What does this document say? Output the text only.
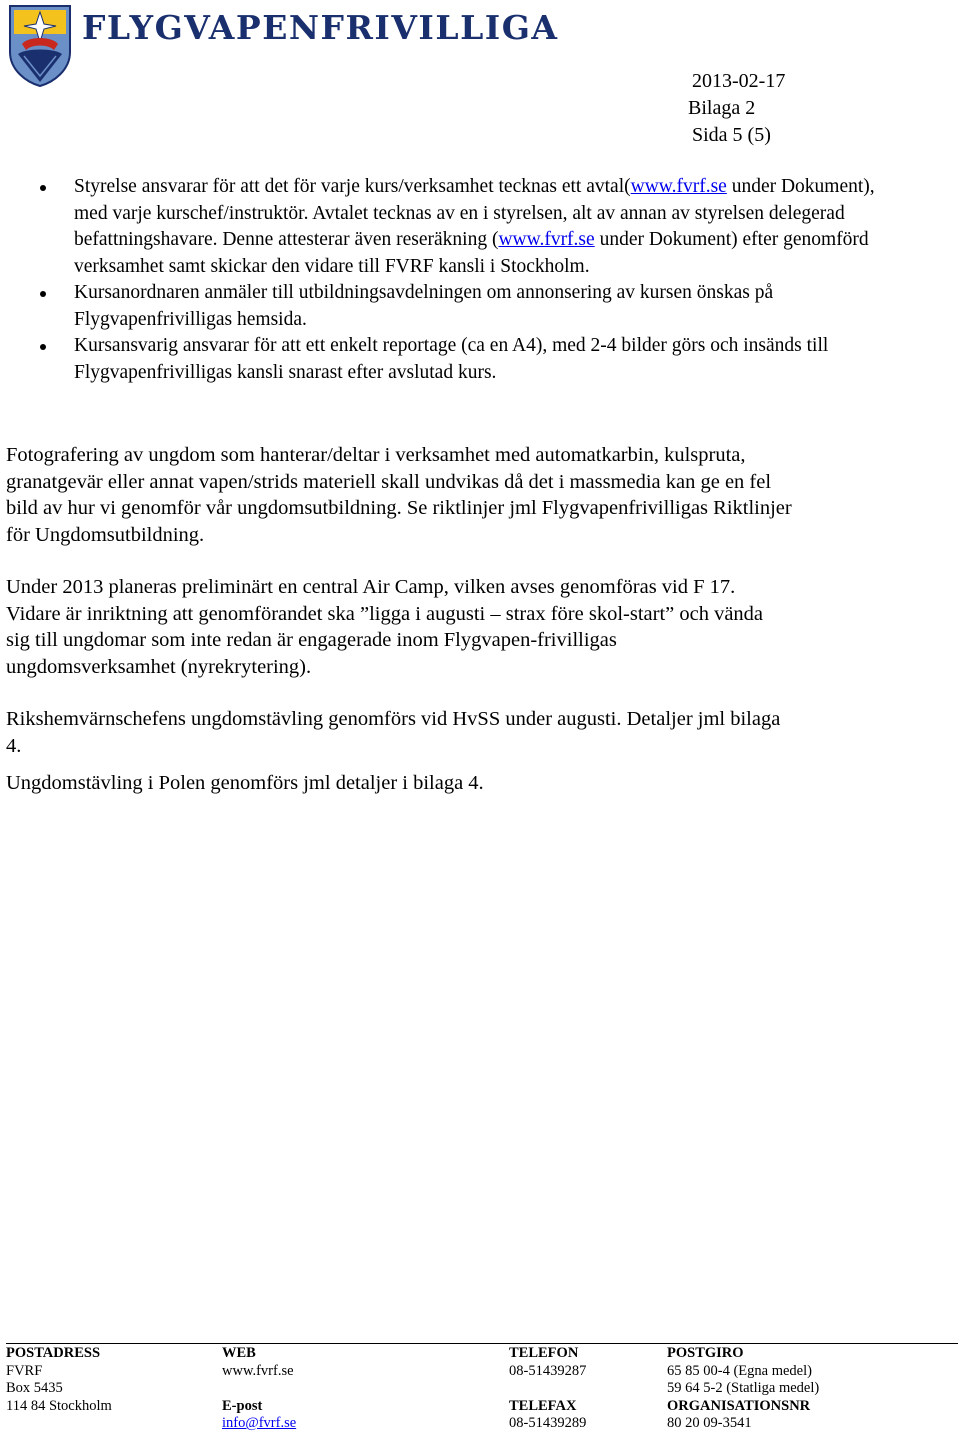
FLYGVAPENFRIVILLIGA
2013-02-17
Bilaga 2
Sida 5 (5)
Styrelse ansvarar för att det för varje kurs/verksamhet tecknas ett avtal(www.fvrf.se under Dokument), med varje kurschef/instruktör. Avtalet tecknas av en i styrelsen, alt av annan av styrelsen delegerad befattningshavare. Denne attesterar även reseräkning (www.fvrf.se under Dokument) efter genomförd verksamhet samt skickar den vidare till FVRF kansli i Stockholm.
Kursanordnaren anmäler till utbildningsavdelningen om annonsering av kursen önskas på Flygvapenfrivilligas hemsida.
Kursansvarig ansvarar för att ett enkelt reportage (ca en A4), med 2-4 bilder görs och insänds till Flygvapenfrivilligas kansli snarast efter avslutad kurs.

Fotografering av ungdom som hanterar/deltar i verksamhet med automatkarbin, kulspruta, granatgevär eller annat vapen/strids materiell skall undvikas då det i massmedia kan ge en fel bild av hur vi genomför vår ungdomsutbildning. Se riktlinjer jml Flygvapenfrivilligas Riktlinjer för Ungdomsutbildning.

Under 2013 planeras preliminärt en central Air Camp, vilken avses genomföras vid F 17. Vidare är inriktning att genomförandet ska ”ligga i augusti – strax före skol-start” och vända sig till ungdomar som inte redan är engagerade inom Flygvapen-frivilligas ungdomsverksamhet (nyrekrytering).

Rikshemvärnschefens ungdomstävling genomförs vid HvSS under augusti. Detaljer jml bilaga 4.

Ungdomstävling i Polen genomförs jml detaljer i bilaga 4.

POSTADRESS
FVRF
Box 5435
114 84 Stockholm
WEB
www.fvrf.se

E-post
info@fvrf.se
TELEFON
08-51439287

TELEFAX
08-51439289
POSTGIRO
65 85 00-4 (Egna medel)
59 64 5-2 (Statliga medel)
ORGANISATIONSNR
80 20 09-3541
